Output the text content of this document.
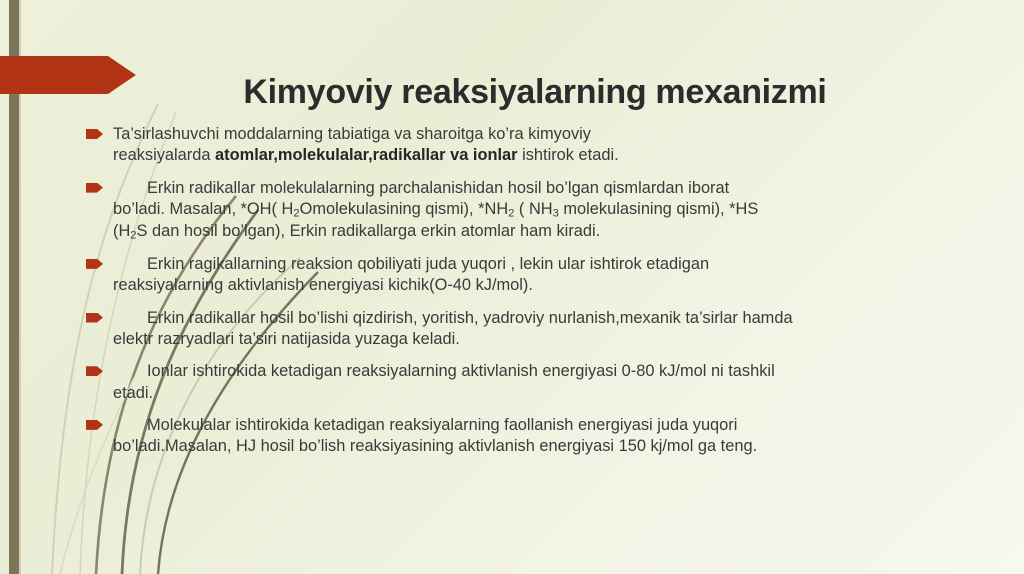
Kimyoviy reaksiyalarning mexanizmi

Ta’sirlashuvchi moddalarning tabiatiga va sharoitga ko’ra kimyoviy

reaksiyalarda atomlar,molekulalar,radikallar va ionlar ishtirok etadi.

Erkin radikallar molekulalarning parchalanishidan hosil bo’lgan qismlardan iborat

bo’ladi. Masalan, *OH( $H_2Omolekulasining$ qismi), $*NH_2$ ( $NH_3$ molekulasining qismi), *HS

($H_2S$ dan hosil bo’lgan), Erkin radikallarga erkin atomlar ham kiradi.

Erkin ragikallarning reaksion qobiliyati juda yuqori , lekin ular ishtirok etadigan

reaksiyalarning aktivlanish energiyasi kichik(O-40 kJ/mol).

Erkin radikallar hosil bo’lishi qizdirish, yoritish, yadroviy nurlanish,mexanik ta’sirlar hamda

elektr razryadlari ta’siri natijasida yuzaga keladi.

Ionlar ishtirokida ketadigan reaksiyalarning aktivlanish energiyasi 0-80 kJ/mol ni tashkil

etadi.

Molekulalar ishtirokida ketadigan reaksiyalarning faollanish energiyasi juda yuqori

bo’ladi.Masalan, HJ hosil bo’lish reaksiyasining aktivlanish energiyasi 150 kj/mol ga teng.
